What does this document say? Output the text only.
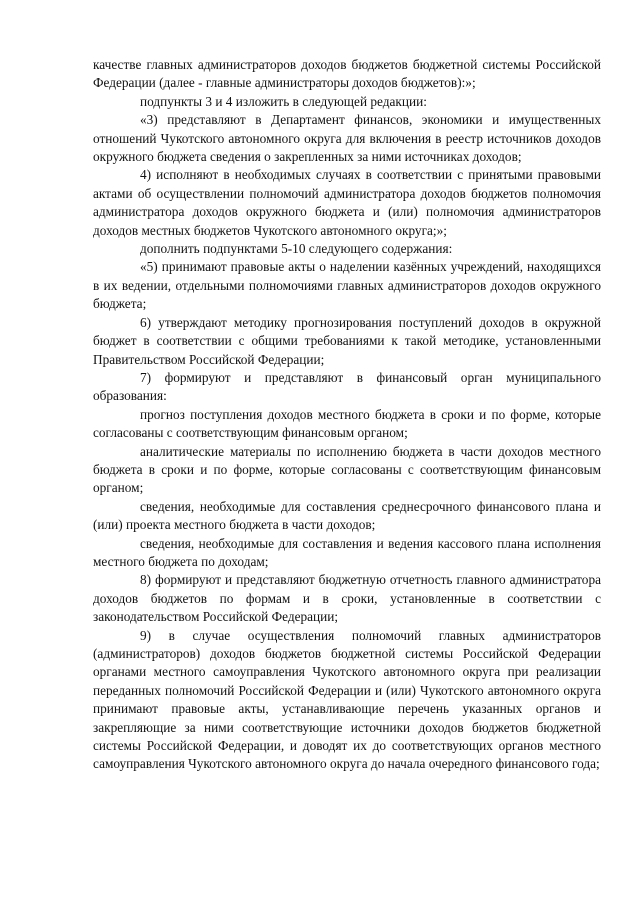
качестве главных администраторов доходов бюджетов бюджетной системы Российской Федерации (далее - главные администраторы доходов бюджетов):»;

подпункты 3 и 4 изложить в следующей редакции:

«3) представляют в Департамент финансов, экономики и имущественных отношений Чукотского автономного округа для включения в реестр источников доходов окружного бюджета сведения о закрепленных за ними источниках доходов;

4) исполняют в необходимых случаях в соответствии с принятыми правовыми актами об осуществлении полномочий администратора доходов бюджетов полномочия администратора доходов окружного бюджета и (или) полномочия администраторов доходов местных бюджетов Чукотского автономного округа;»;

дополнить подпунктами 5-10 следующего содержания:

«5) принимают правовые акты о наделении казённых учреждений, находящихся в их ведении, отдельными полномочиями главных администраторов доходов окружного бюджета;

6) утверждают методику прогнозирования поступлений доходов в окружной бюджет в соответствии с общими требованиями к такой методике, установленными Правительством Российской Федерации;

7) формируют и представляют в финансовый орган муниципального образования:

прогноз поступления доходов местного бюджета в сроки и по форме, которые согласованы с соответствующим финансовым органом;

аналитические материалы по исполнению бюджета в части доходов местного бюджета в сроки и по форме, которые согласованы с соответствующим финансовым органом;

сведения, необходимые для составления среднесрочного финансового плана и (или) проекта местного бюджета в части доходов;

сведения, необходимые для составления и ведения кассового плана исполнения местного бюджета по доходам;

8) формируют и представляют бюджетную отчетность главного администратора доходов бюджетов по формам и в сроки, установленные в соответствии с законодательством Российской Федерации;

9) в случае осуществления полномочий главных администраторов (администраторов) доходов бюджетов бюджетной системы Российской Федерации органами местного самоуправления Чукотского автономного округа при реализации переданных полномочий Российской Федерации и (или) Чукотского автономного округа принимают правовые акты, устанавливающие перечень указанных органов и закрепляющие за ними соответствующие источники доходов бюджетов бюджетной системы Российской Федерации, и доводят их до соответствующих органов местного самоуправления Чукотского автономного округа до начала очередного финансового года;
